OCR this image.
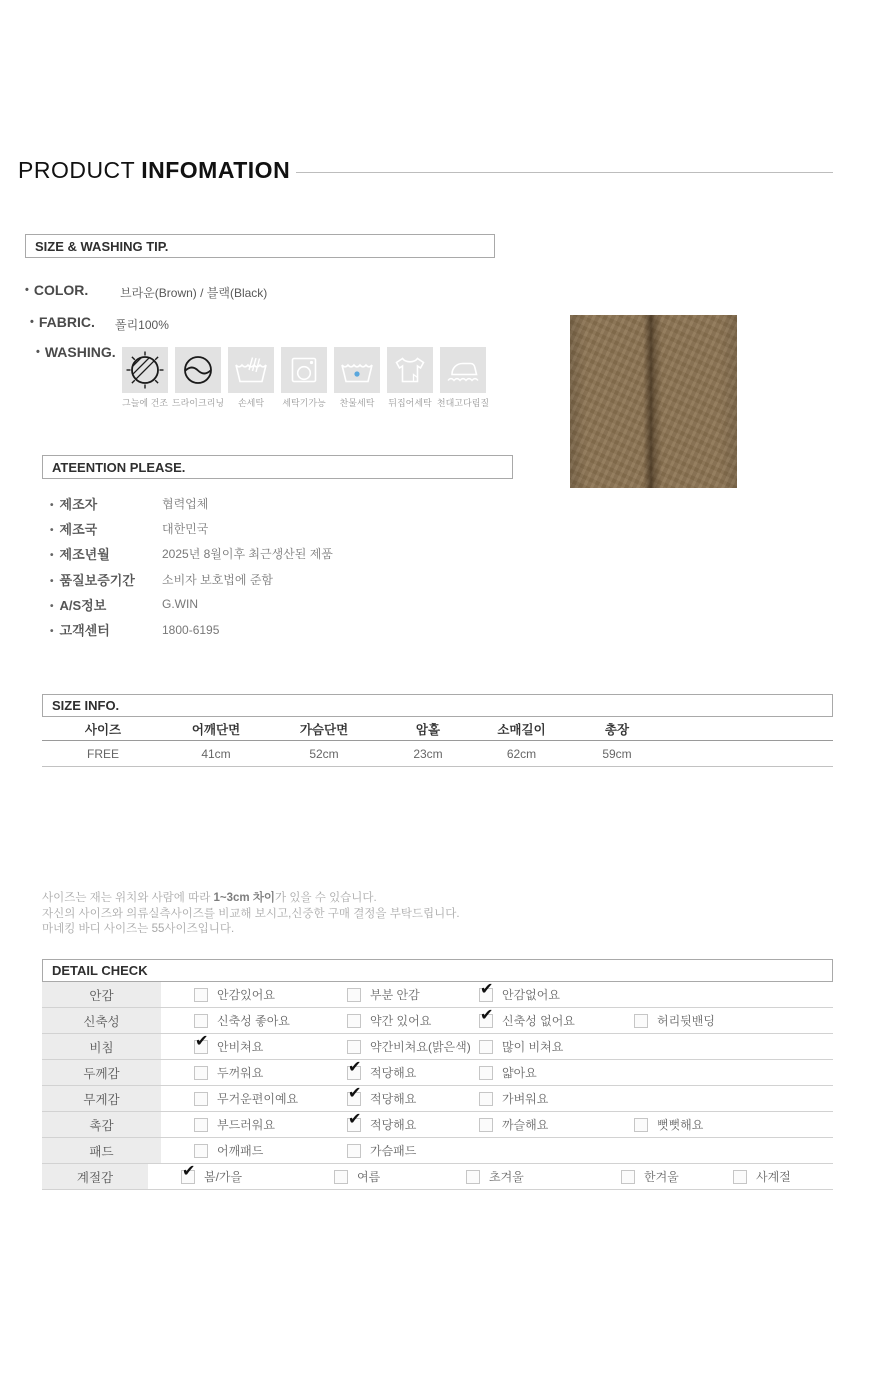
PRODUCT INFOMATION
SIZE & WASHING TIP.
• COLOR.	브라운(Brown) / 블랙(Black)
• FABRIC. 폴리100%
• WASHING.
그늘에 건조 드라이크리닝 손세탁 세탁기가능 찬물세탁 뒤집어세탁 천대고다림질
ATEENTION PLEASE.
• 제조자	협력업체
• 제조국	대한민국
• 제조년월	2025년 8월이후 최근생산된 제품
• 품질보증기간	소비자 보호법에 준함
• A/S정보	G.WIN
• 고객센터	1800-6195
SIZE INFO.
사이즈	어깨단면	가슴단면	암홀	소매길이	총장
FREE	41cm	52cm	23cm	62cm	59cm
사이즈는 재는 위치와 사람에 따라 1~3cm 차이가 있을 수 있습니다.
자신의 사이즈와 의류실측사이즈를 비교해 보시고,신중한 구매 결정을 부탁드립니다.
마네킹 바디 사이즈는 55사이즈입니다.
DETAIL CHECK
안감	안감있어요	부분 안감	✔ 안감없어요
신축성	신축성 좋아요	약간 있어요	✔ 신축성 없어요	허리뒷밴딩
비침	✔ 안비쳐요	약간비쳐요(밝은색)	많이 비쳐요
두께감	두꺼워요	✔ 적당해요	얇아요
무게감	무거운편이예요	✔ 적당해요	가벼워요
촉감	부드러워요	✔ 적당해요	까슬해요	뻣뻣해요
패드	어깨패드	가슴패드
계절감	✔ 봄/가을	여름	초겨울	한겨울	사계절
